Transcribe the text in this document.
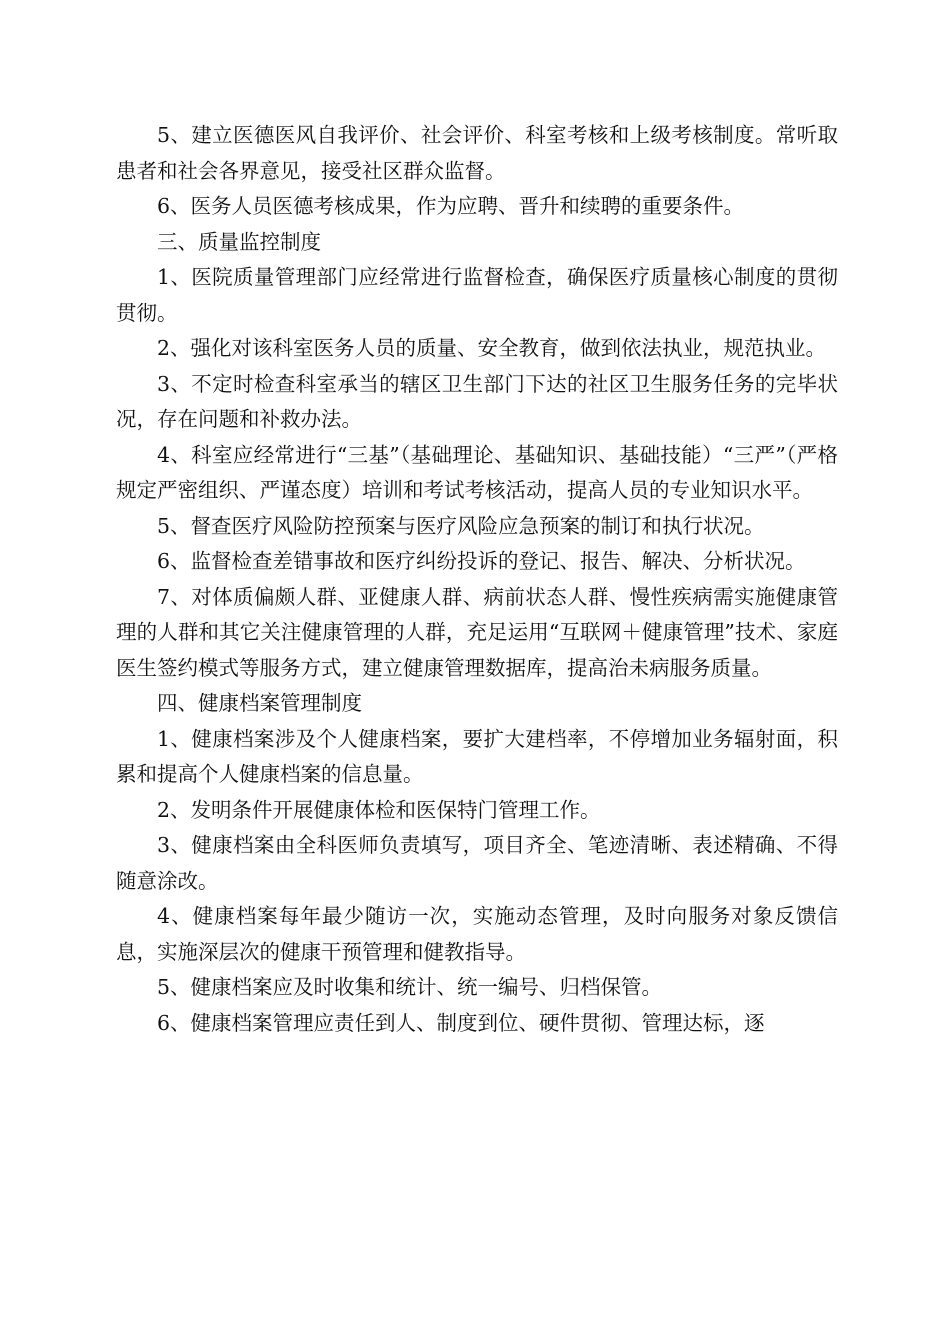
5、建立医德医风自我评价、社会评价、科室考核和上级考核制度。常听取患者和社会各界意见，接受社区群众监督。

6、医务人员医德考核成果，作为应聘、晋升和续聘的重要条件。

三、质量监控制度

1、医院质量管理部门应经常进行监督检查，确保医疗质量核心制度的贯彻贯彻。

2、强化对该科室医务人员的质量、安全教育，做到依法执业，规范执业。

3、不定时检查科室承当的辖区卫生部门下达的社区卫生服务任务的完毕状况，存在问题和补救办法。

4、科室应经常进行“三基”（基础理论、基础知识、基础技能）“三严”（严格规定严密组织、严谨态度）培训和考试考核活动，提高人员的专业知识水平。

5、督查医疗风险防控预案与医疗风险应急预案的制订和执行状况。

6、监督检查差错事故和医疗纠纷投诉的登记、报告、解决、分析状况。

7、对体质偏颇人群、亚健康人群、病前状态人群、慢性疾病需实施健康管理的人群和其它关注健康管理的人群，充足运用“互联网＋健康管理”技术、家庭医生签约模式等服务方式，建立健康管理数据库，提高治未病服务质量。

四、健康档案管理制度

1、健康档案涉及个人健康档案，要扩大建档率，不停增加业务辐射面，积累和提高个人健康档案的信息量。

2、发明条件开展健康体检和医保特门管理工作。

3、健康档案由全科医师负责填写，项目齐全、笔迹清晰、表述精确、不得随意涂改。

4、健康档案每年最少随访一次，实施动态管理，及时向服务对象反馈信息，实施深层次的健康干预管理和健教指导。

5、健康档案应及时收集和统计、统一编号、归档保管。

6、健康档案管理应责任到人、制度到位、硬件贯彻、管理达标，逐
